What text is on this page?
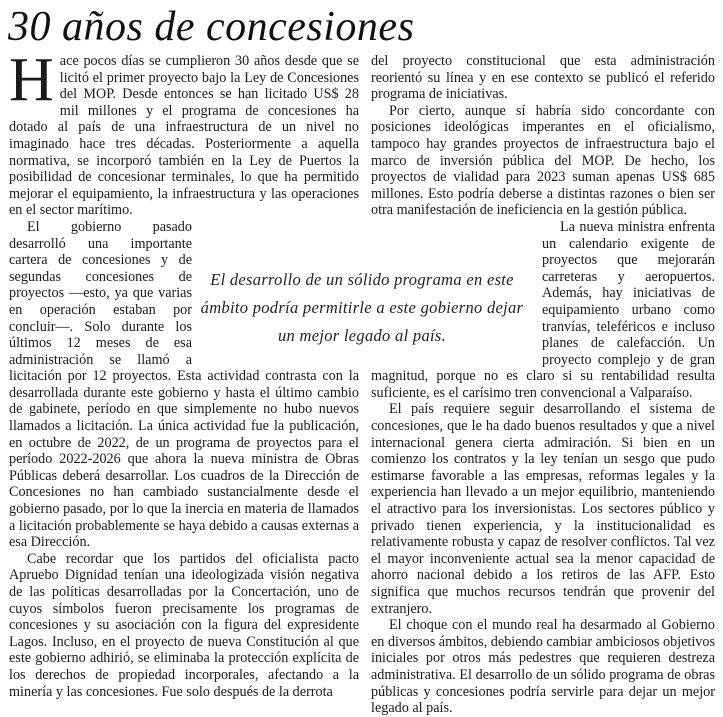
30 años de concesiones

Hace pocos días se cumplieron 30 años desde que se licitó el primer proyecto bajo la Ley de Concesiones del MOP. Desde entonces se han licitado US$ 28 mil millones y el programa de concesiones ha dotado al país de una infraestructura de un nivel no imaginado hace tres décadas. Posteriormente a aquella normativa, se incorporó también en la Ley de Puertos la posibilidad de concesionar terminales, lo que ha permitido mejorar el equipamiento, la infraestructura y las operaciones en el sector marítimo.

El gobierno pasado desarrolló una importante cartera de concesiones y de segundas concesiones de proyectos —esto, ya que varias en operación estaban por concluir—. Solo durante los últimos 12 meses de esa administración se llamó a licitación por 12 proyectos. Esta actividad contrasta con la desarrollada durante este gobierno y hasta el último cambio de gabinete, período en que simplemente no hubo nuevos llamados a licitación. La única actividad fue la publicación, en octubre de 2022, de un programa de proyectos para el período 2022-2026 que ahora la nueva ministra de Obras Públicas deberá desarrollar. Los cuadros de la Dirección de Concesiones no han cambiado sustancialmente desde el gobierno pasado, por lo que la inercia en materia de llamados a licitación probablemente se haya debido a causas externas a esa Dirección.

Cabe recordar que los partidos del oficialista pacto Apruebo Dignidad tenían una ideologizada visión negativa de las políticas desarrolladas por la Concertación, uno de cuyos símbolos fueron precisamente los programas de concesiones y su asociación con la figura del expresidente Lagos. Incluso, en el proyecto de nueva Constitución al que este gobierno adhirió, se eliminaba la protección explícita de los derechos de propiedad incorporales, afectando a la minería y las concesiones. Fue solo después de la derrota

del proyecto constitucional que esta administración reorientó su línea y en ese contexto se publicó el referido programa de iniciativas.

Por cierto, aunque sí habría sido concordante con posiciones ideológicas imperantes en el oficialismo, tampoco hay grandes proyectos de infraestructura bajo el marco de inversión pública del MOP. De hecho, los proyectos de vialidad para 2023 suman apenas US$ 685 millones. Esto podría deberse a distintas razones o bien ser otra manifestación de ineficiencia en la gestión pública.

La nueva ministra enfrenta un calendario exigente de proyectos que mejorarán carreteras y aeropuertos. Además, hay iniciativas de equipamiento urbano como tranvías, teleféricos e incluso planes de calefacción. Un proyecto complejo y de gran magnitud, porque no es claro si su rentabilidad resulta suficiente, es el carísimo tren convencional a Valparaíso.

El país requiere seguir desarrollando el sistema de concesiones, que le ha dado buenos resultados y que a nivel internacional genera cierta admiración. Si bien en un comienzo los contratos y la ley tenían un sesgo que pudo estimarse favorable a las empresas, reformas legales y la experiencia han llevado a un mejor equilibrio, manteniendo el atractivo para los inversionistas. Los sectores público y privado tienen experiencia, y la institucionalidad es relativamente robusta y capaz de resolver conflictos. Tal vez el mayor inconveniente actual sea la menor capacidad de ahorro nacional debido a los retiros de las AFP. Esto significa que muchos recursos tendrán que provenir del extranjero.

El choque con el mundo real ha desarmado al Gobierno en diversos ámbitos, debiendo cambiar ambiciosos objetivos iniciales por otros más pedestres que requieren destreza administrativa. El desarrollo de un sólido programa de obras públicas y concesiones podría servirle para dejar un mejor legado al país.

El desarrollo de un sólido programa en este ámbito podría permitirle a este gobierno dejar un mejor legado al país.
